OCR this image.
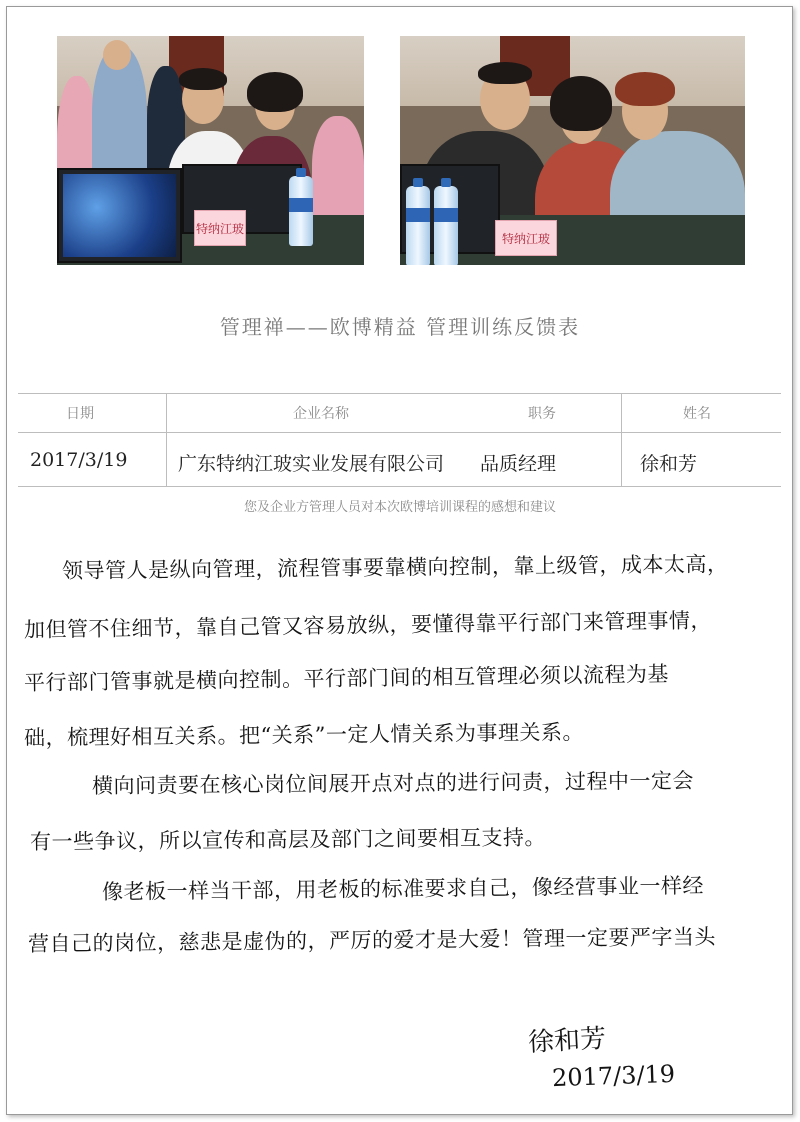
特纳江玻
特纳江玻
管理禅——欧博精益 管理训练反馈表
日期	企业名称	职务	姓名
2017/3/19	广东特纳江玻实业发展有限公司 品质经理	徐和芳
您及企业方管理人员对本次欧博培训课程的感想和建议
领导管人是纵向管理，流程管事要靠横向控制，靠上级管，成本太高，
加但管不住细节，靠自己管又容易放纵，要懂得靠平行部门来管理事情，
平行部门管事就是横向控制。平行部门间的相互管理必须以流程为基
础，梳理好相互关系。把“关系”一定人情关系为事理关系。
横向问责要在核心岗位间展开点对点的进行问责，过程中一定会
有一些争议，所以宣传和高层及部门之间要相互支持。
像老板一样当干部，用老板的标准要求自己，像经营事业一样经
营自己的岗位，慈悲是虚伪的，严厉的爱才是大爱！管理一定要严字当头
徐和芳
2017/3/19
